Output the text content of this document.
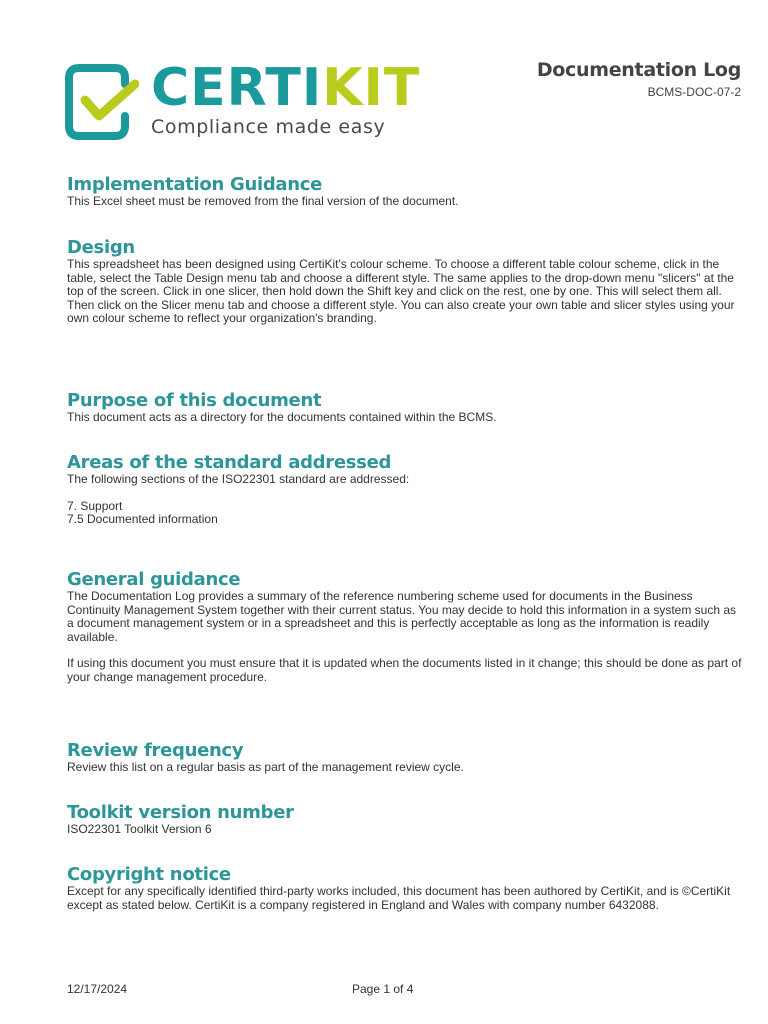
CERTIKIT
Compliance made easy
Documentation Log
BCMS-DOC-07-2
Implementation Guidance

This Excel sheet must be removed from the final version of the document.

Design

This spreadsheet has been designed using CertiKit's colour scheme. To choose a different table colour scheme, click in the table, select the Table Design menu tab and choose a different style. The same applies to the drop-down menu "slicers" at the top of the screen. Click in one slicer, then hold down the Shift key and click on the rest, one by one. This will select them all. Then click on the Slicer menu tab and choose a different style. You can also create your own table and slicer styles using your own colour scheme to reflect your organization's branding.

Purpose of this document

This document acts as a directory for the documents contained within the BCMS.

Areas of the standard addressed

The following sections of the ISO22301 standard are addressed:

7. Support

7.5 Documented information

General guidance

The Documentation Log provides a summary of the reference numbering scheme used for documents in the Business Continuity Management System together with their current status. You may decide to hold this information in a system such as a document management system or in a spreadsheet and this is perfectly acceptable as long as the information is readily available.

If using this document you must ensure that it is updated when the documents listed in it change; this should be done as part of your change management procedure.

Review frequency

Review this list on a regular basis as part of the management review cycle.

Toolkit version number

ISO22301 Toolkit Version 6

Copyright notice

Except for any specifically identified third-party works included, this document has been authored by CertiKit, and is ©CertiKit except as stated below. CertiKit is a company registered in England and Wales with company number 6432088.

12/17/2024	Page 1 of 4
